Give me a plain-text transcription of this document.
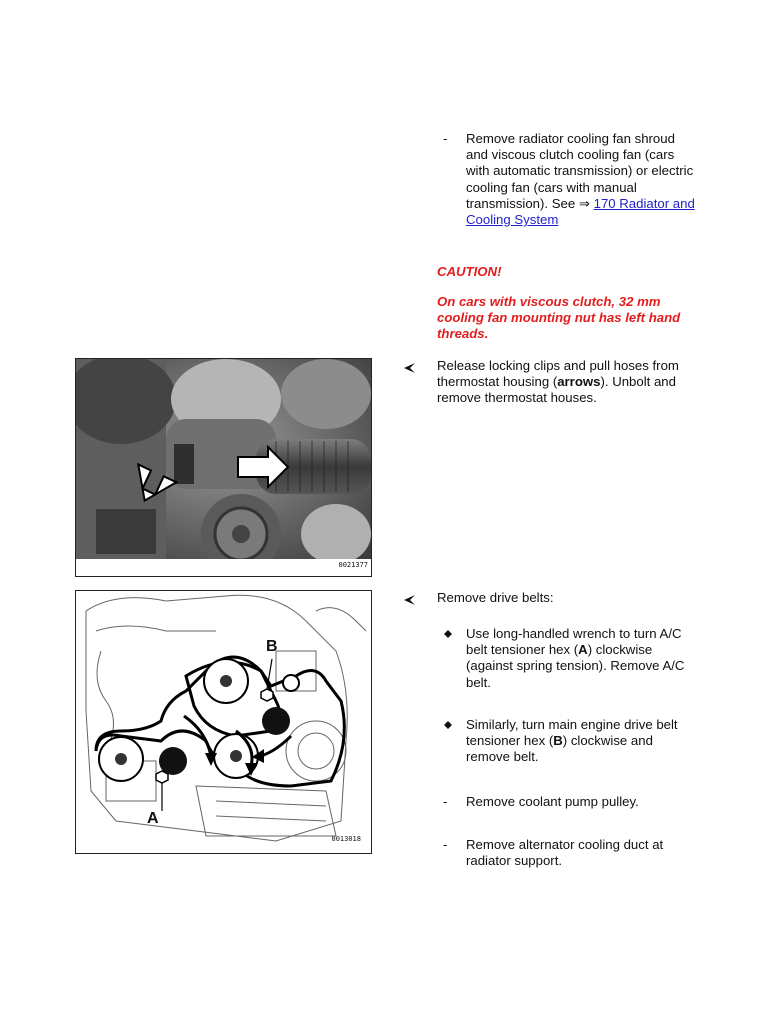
- Remove radiator cooling fan shroud and viscous clutch cooling fan (cars with automatic transmission) or electric cooling fan (cars with manual transmission). See ⇒ 170 Radiator and Cooling System
CAUTION!
On cars with viscous clutch, 32 mm cooling fan mounting nut has left hand threads.
0021377
Release locking clips and pull hoses from thermostat housing (arrows). Unbolt and remove thermostat houses.
A
B
0013018
Remove drive belts:
Use long-handled wrench to turn A/C belt tensioner hex (A) clockwise (against spring tension). Remove A/C belt.
Similarly, turn main engine drive belt tensioner hex (B) clockwise and remove belt.
- Remove coolant pump pulley.
- Remove alternator cooling duct at radiator support.
